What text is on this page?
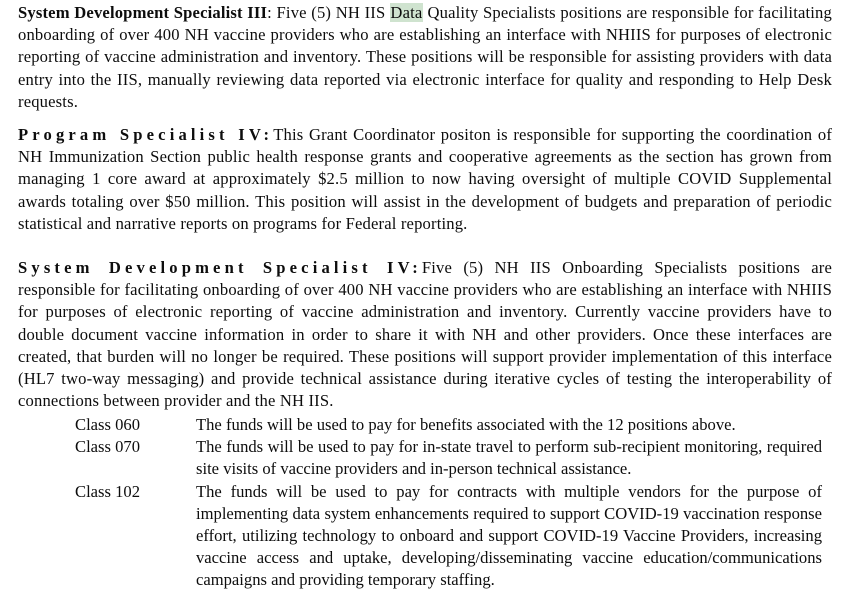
System Development Specialist III: Five (5) NH IIS Data Quality Specialists positions are responsible for facilitating onboarding of over 400 NH vaccine providers who are establishing an interface with NHIIS for purposes of electronic reporting of vaccine administration and inventory. These positions will be responsible for assisting providers with data entry into the IIS, manually reviewing data reported via electronic interface for quality and responding to Help Desk requests.
Program Specialist IV:This Grant Coordinator positon is responsible for supporting the coordination of NH Immunization Section public health response grants and cooperative agreements as the section has grown from managing 1 core award at approximately $2.5 million to now having oversight of multiple COVID Supplemental awards totaling over $50 million. This position will assist in the development of budgets and preparation of periodic statistical and narrative reports on programs for Federal reporting.
System Development Specialist IV:Five (5) NH IIS Onboarding Specialists positions are responsible for facilitating onboarding of over 400 NH vaccine providers who are establishing an interface with NHIIS for purposes of electronic reporting of vaccine administration and inventory. Currently vaccine providers have to double document vaccine information in order to share it with NH and other providers. Once these interfaces are created, that burden will no longer be required. These positions will support provider implementation of this interface (HL7 two-way messaging) and provide technical assistance during iterative cycles of testing the interoperability of connections between provider and the NH IIS.
Class 060	The funds will be used to pay for benefits associated with the 12 positions above.
Class 070	The funds will be used to pay for in-state travel to perform sub-recipient monitoring, required site visits of vaccine providers and in-person technical assistance.
Class 102	The funds will be used to pay for contracts with multiple vendors for the purpose of implementing data system enhancements required to support COVID-19 vaccination response effort, utilizing technology to onboard and support COVID-19 Vaccine Providers, increasing vaccine access and uptake, developing/disseminating vaccine education/communications campaigns and providing temporary staffing.
